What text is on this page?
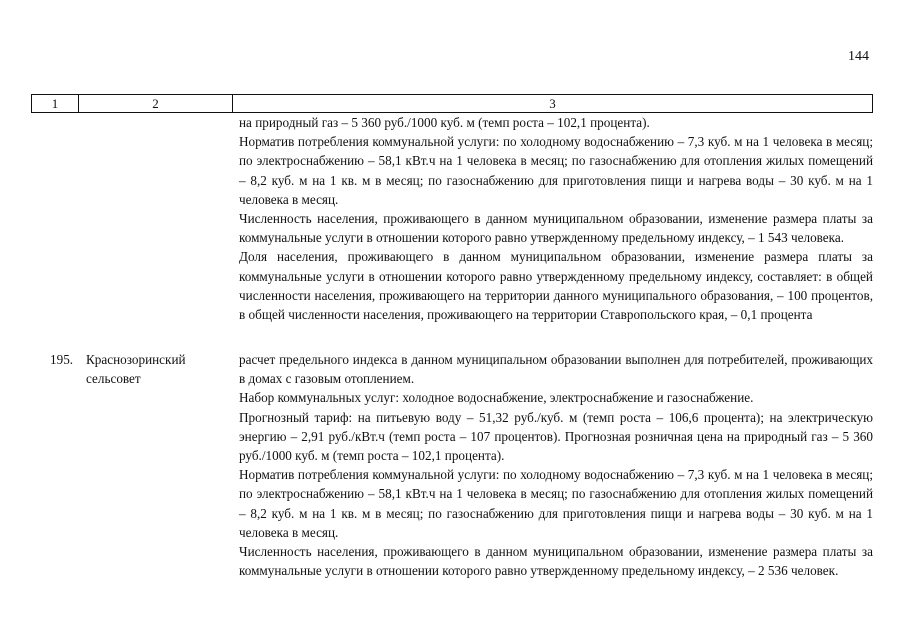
144
1	2	3

на природный газ – 5 360 руб./1000 куб. м (темп роста – 102,1 процента).

Норматив потребления коммунальной услуги: по холодному водоснабжению – 7,3 куб. м на 1 человека в месяц; по электроснабжению – 58,1 кВт.ч на 1 человека в месяц; по газоснабжению для отопления жилых помещений – 8,2 куб. м на 1 кв. м в месяц; по газоснабжению для приготовления пищи и нагрева воды – 30 куб. м на 1 человека в месяц.

Численность населения, проживающего в данном муниципальном образовании, изменение размера платы за коммунальные услуги в отношении которого равно утвержденному предельному индексу, – 1 543 человека.

Доля населения, проживающего в данном муниципальном образовании, изменение размера платы за коммунальные услуги в отношении которого равно утвержденному предельному индексу, составляет: в общей численности населения, проживающего на территории данного муниципального образования, – 100 процентов, в общей численности населения, проживающего на территории Ставропольского края, – 0,1 процента

195. Краснозоринский
сельсовет

расчет предельного индекса в данном муниципальном образовании выполнен для потребителей, проживающих в домах с газовым отоплением.

Набор коммунальных услуг: холодное водоснабжение, электроснабжение и газоснабжение.

Прогнозный тариф: на питьевую воду – 51,32 руб./куб. м (темп роста – 106,6 процента); на электрическую энергию – 2,91 руб./кВт.ч (темп роста – 107 процентов). Прогнозная розничная цена на природный газ – 5 360 руб./1000 куб. м (темп роста – 102,1 процента).

Норматив потребления коммунальной услуги: по холодному водоснабжению – 7,3 куб. м на 1 человека в месяц; по электроснабжению – 58,1 кВт.ч на 1 человека в месяц; по газоснабжению для отопления жилых помещений – 8,2 куб. м на 1 кв. м в месяц; по газоснабжению для приготовления пищи и нагрева воды – 30 куб. м на 1 человека в месяц.

Численность населения, проживающего в данном муниципальном образовании, изменение размера платы за коммунальные услуги в отношении которого равно утвержденному предельному индексу, – 2 536 человек.
